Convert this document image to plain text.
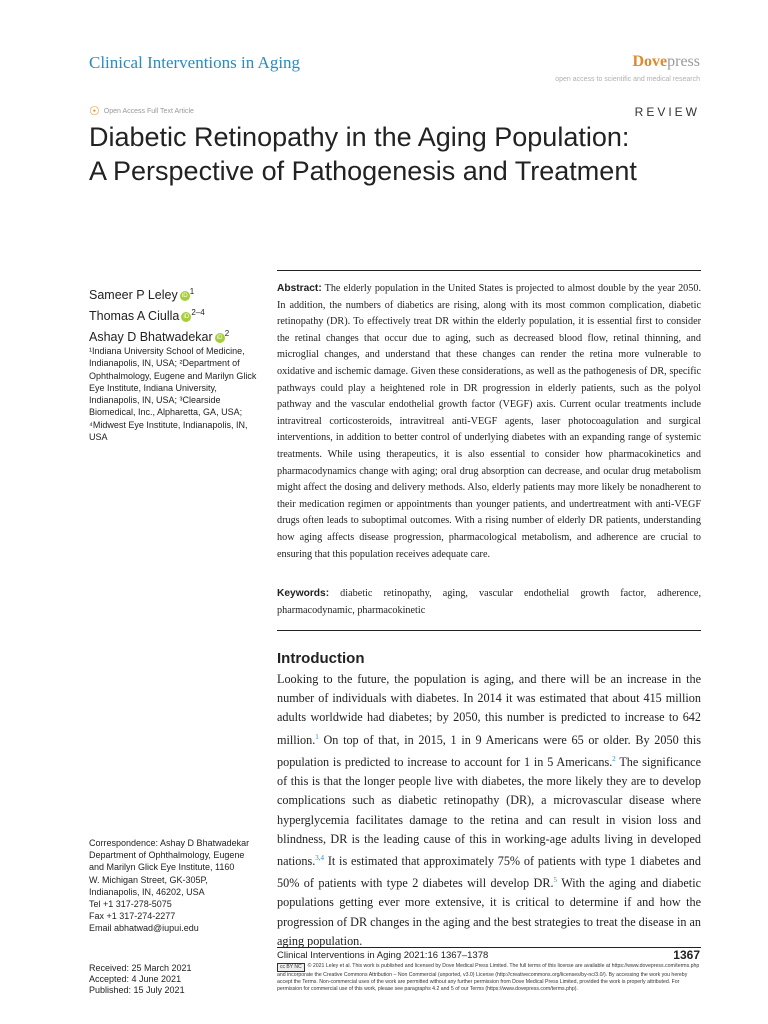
Clinical Interventions in Aging	Dovepress
open access to scientific and medical research
☉ Open Access Full Text Article	REVIEW
Diabetic Retinopathy in the Aging Population:
A Perspective of Pathogenesis and Treatment
Sameer P Leley iD $^1$
Thomas A Ciulla iD $^{2-4}$
Ashay D Bhatwadekar iD $^2$
¹Indiana University School of Medicine, Indianapolis, IN, USA; ²Department of Ophthalmology, Eugene and Marilyn Glick Eye Institute, Indiana University, Indianapolis, IN, USA; ³Clearside Biomedical, Inc., Alpharetta, GA, USA; ⁴Midwest Eye Institute, Indianapolis, IN, USA
Abstract: The elderly population in the United States is projected to almost double by the year 2050. In addition, the numbers of diabetics are rising, along with its most common complication, diabetic retinopathy (DR). To effectively treat DR within the elderly population, it is essential first to consider the retinal changes that occur due to aging, such as decreased blood flow, retinal thinning, and microglial changes, and understand that these changes can render the retina more vulnerable to oxidative and ischemic damage. Given these considerations, as well as the pathogenesis of DR, specific pathways could play a heightened role in DR progression in elderly patients, such as the polyol pathway and the vascular endothelial growth factor (VEGF) axis. Current ocular treatments include intravitreal corticosteroids, intravitreal anti-VEGF agents, laser photocoagulation and surgical interventions, in addition to better control of underlying diabetes with an expanding range of systemic treatments. While using therapeutics, it is also essential to consider how pharmacokinetics and pharmacodynamics change with aging; oral drug absorption can decrease, and ocular drug metabolism might affect the dosing and delivery methods. Also, elderly patients may more likely be nonadherent to their medication regimen or appointments than younger patients, and undertreatment with anti-VEGF drugs often leads to suboptimal outcomes. With a rising number of elderly DR patients, understanding how aging affects disease progression, pharmacological metabolism, and adherence are crucial to ensuring that this population receives adequate care.
Keywords: diabetic retinopathy, aging, vascular endothelial growth factor, adherence, pharmacodynamic, pharmacokinetic
Introduction
Looking to the future, the population is aging, and there will be an increase in the number of individuals with diabetes. In 2014 it was estimated that about 415 million adults worldwide had diabetes; by 2050, this number is predicted to increase to 642 million.$^1$ On top of that, in 2015, 1 in 9 Americans were 65 or older. By 2050 this population is predicted to increase to account for 1 in 5 Americans.$^2$ The significance of this is that the longer people live with diabetes, the more likely they are to develop complications such as diabetic retinopathy (DR), a microvascular disease where hyperglycemia facilitates damage to the retina and can result in vision loss and blindness, DR is the leading cause of this in working-age adults living in developed nations.$^{3,4}$ It is estimated that approximately 75% of patients with type 1 diabetes and 50% of patients with type 2 diabetes will develop DR.$^5$ With the aging and diabetic populations getting ever more extensive, it is critical to determine if and how the progression of DR changes in the aging and the best strategies to treat the disease in an aging population.
Correspondence: Ashay D Bhatwadekar
Department of Ophthalmology, Eugene
and Marilyn Glick Eye Institute, 1160
W. Michigan Street, GK-305P,
Indianapolis, IN, 46202, USA
Tel +1 317-278-5075
Fax +1 317-274-2277
Email abhatwad@iupui.edu
Received: 25 March 2021
Accepted: 4 June 2021
Published: 15 July 2021
Clinical Interventions in Aging 2021:16 1367–1378	1367
cc BY NC © 2021 Leley et al. This work is published and licensed by Dove Medical Press Limited. The full terms of this license are available at https://www.dovepress.com/terms.php and incorporate the Creative Commons Attribution – Non Commercial (unported, v3.0) License (http://creativecommons.org/licenses/by-nc/3.0/). By accessing the work you hereby accept the Terms. Non-commercial uses of the work are permitted without any further permission from Dove Medical Press Limited, provided the work is properly attributed. For permission for commercial use of this work, please see paragraphs 4.2 and 5 of our Terms (https://www.dovepress.com/terms.php).
